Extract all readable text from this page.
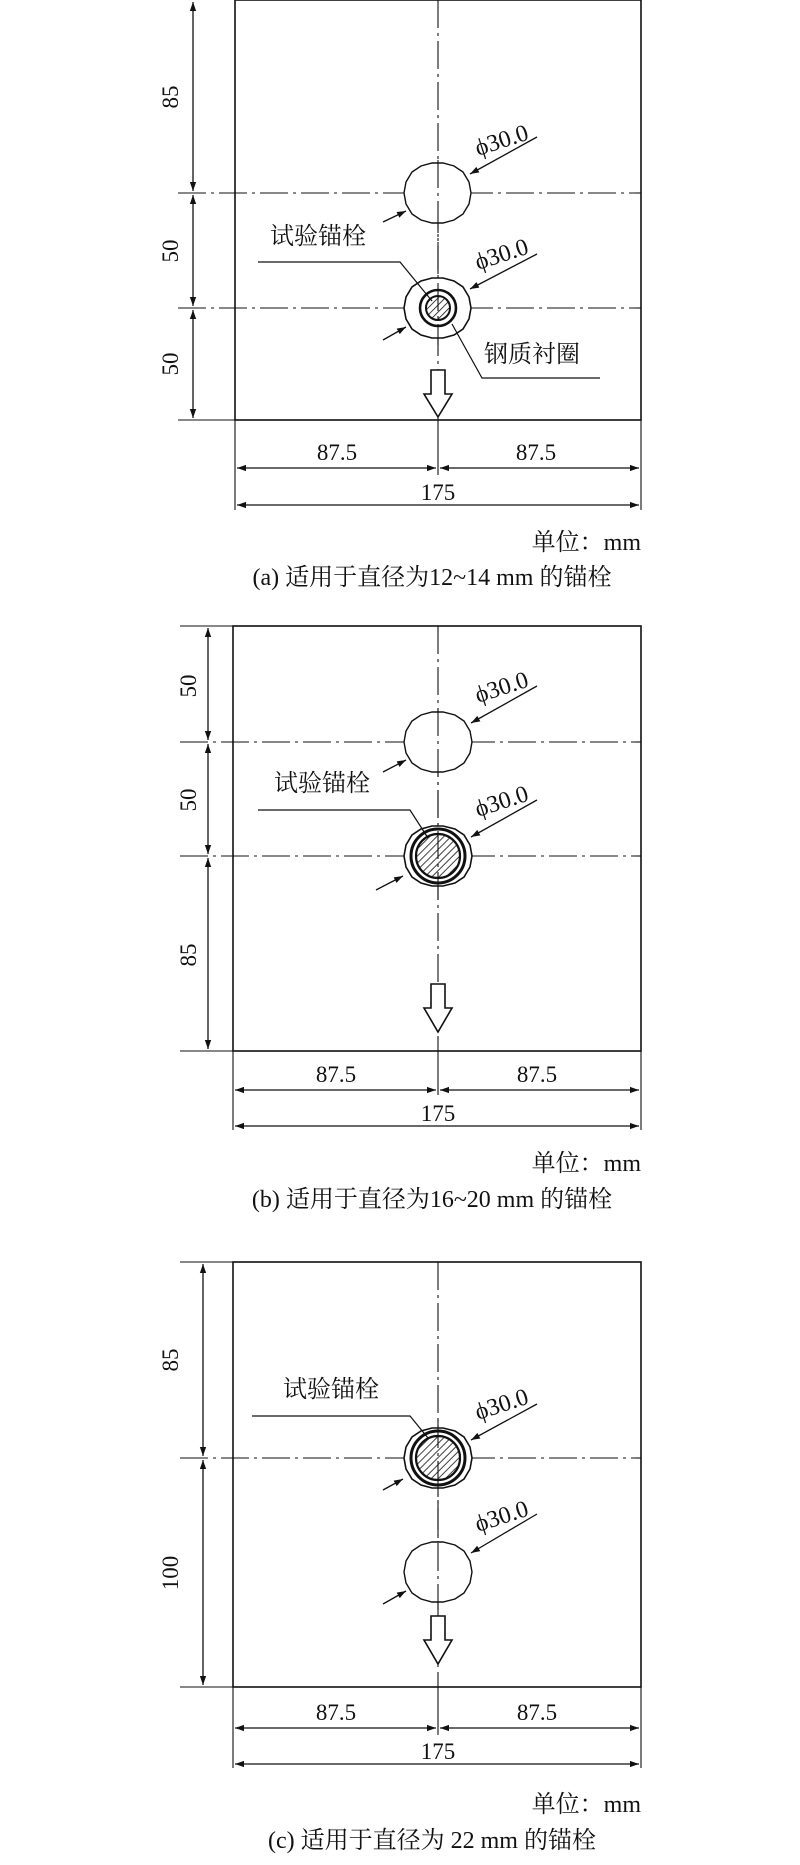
85
50
50
ϕ30.0
ϕ30.0
试验锚栓
钢质衬圈
87.5	87.5
175
单位：mm
(a) 适用于直径为12~14 mm 的锚栓
50
50
85
ϕ30.0
ϕ30.0
试验锚栓
87.5	87.5
175
单位：mm
(b) 适用于直径为16~20 mm 的锚栓
85
100
ϕ30.0
ϕ30.0
试验锚栓
87.5	87.5
175
单位：mm
(c) 适用于直径为 22 mm 的锚栓
